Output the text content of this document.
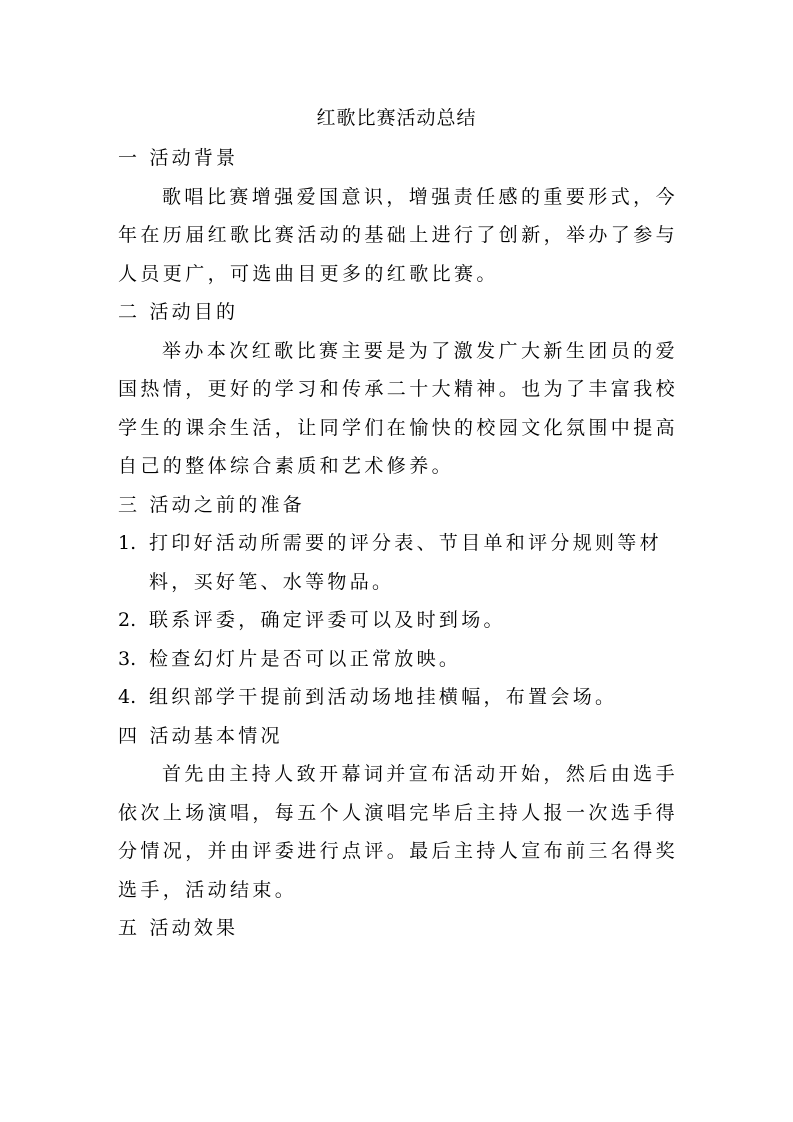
红歌比赛活动总结

一 活动背景

歌唱比赛增强爱国意识，增强责任感的重要形式，今年在历届红歌比赛活动的基础上进行了创新，举办了参与人员更广，可选曲目更多的红歌比赛。

二 活动目的

举办本次红歌比赛主要是为了激发广大新生团员的爱国热情，更好的学习和传承二十大精神。也为了丰富我校学生的课余生活，让同学们在愉快的校园文化氛围中提高自己的整体综合素质和艺术修养。

三 活动之前的准备

1. 打印好活动所需要的评分表、节目单和评分规则等材料，买好笔、水等物品。

2. 联系评委，确定评委可以及时到场。

3. 检查幻灯片是否可以正常放映。

4. 组织部学干提前到活动场地挂横幅，布置会场。

四 活动基本情况

首先由主持人致开幕词并宣布活动开始，然后由选手依次上场演唱，每五个人演唱完毕后主持人报一次选手得分情况，并由评委进行点评。最后主持人宣布前三名得奖选手，活动结束。

五 活动效果
